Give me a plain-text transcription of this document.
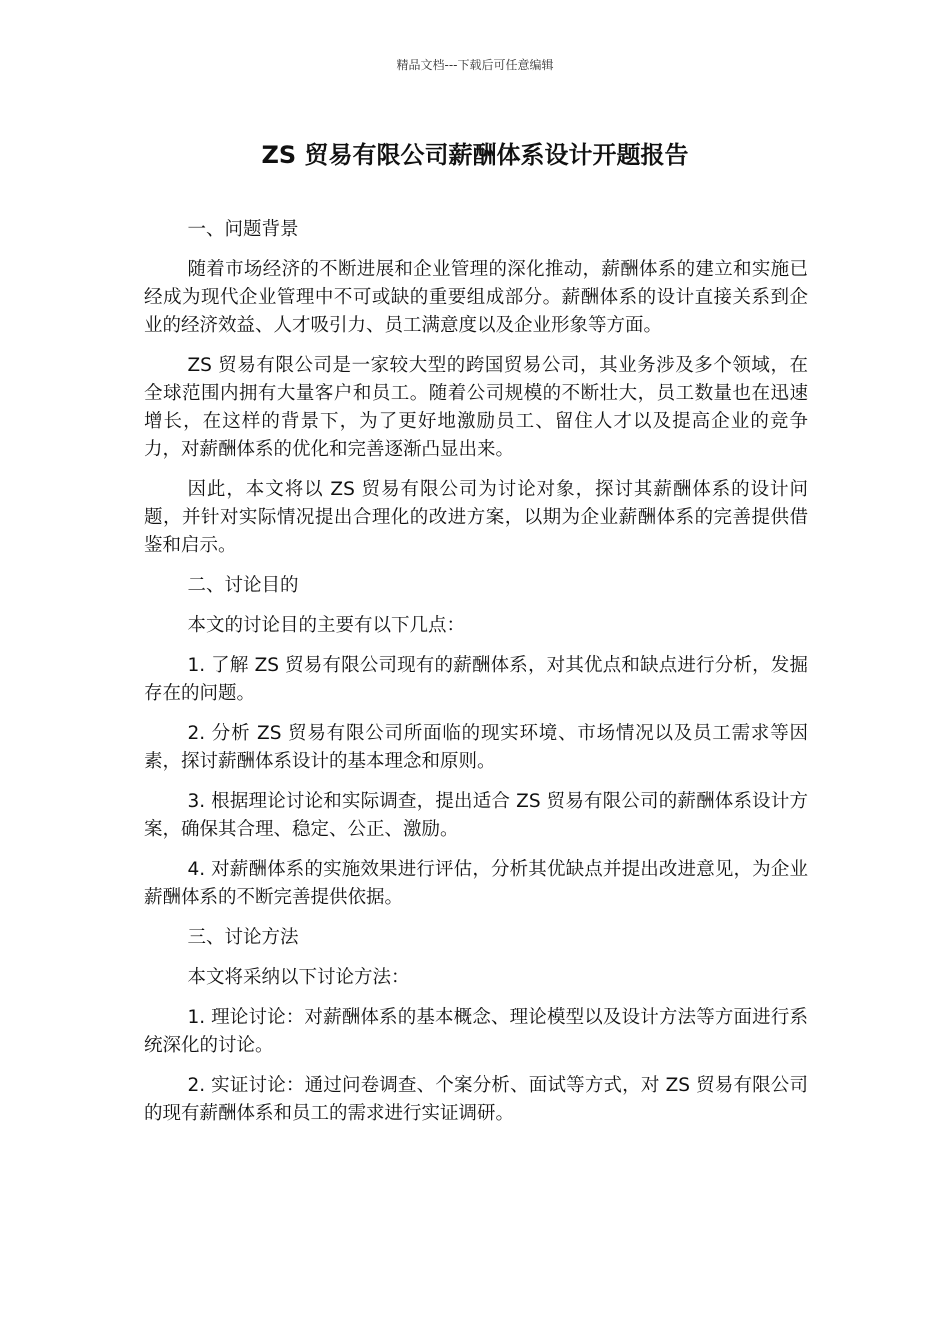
精品文档---下载后可任意编辑
ZS 贸易有限公司薪酬体系设计开题报告

一、问题背景

随着市场经济的不断进展和企业管理的深化推动，薪酬体系的建立和实施已经成为现代企业管理中不可或缺的重要组成部分。薪酬体系的设计直接关系到企业的经济效益、人才吸引力、员工满意度以及企业形象等方面。

ZS 贸易有限公司是一家较大型的跨国贸易公司，其业务涉及多个领域，在全球范围内拥有大量客户和员工。随着公司规模的不断壮大，员工数量也在迅速增长，在这样的背景下，为了更好地激励员工、留住人才以及提高企业的竞争力，对薪酬体系的优化和完善逐渐凸显出来。

因此，本文将以 ZS 贸易有限公司为讨论对象，探讨其薪酬体系的设计问题，并针对实际情况提出合理化的改进方案，以期为企业薪酬体系的完善提供借鉴和启示。

二、讨论目的

本文的讨论目的主要有以下几点：

1. 了解 ZS 贸易有限公司现有的薪酬体系，对其优点和缺点进行分析，发掘存在的问题。

2. 分析 ZS 贸易有限公司所面临的现实环境、市场情况以及员工需求等因素，探讨薪酬体系设计的基本理念和原则。

3. 根据理论讨论和实际调查，提出适合 ZS 贸易有限公司的薪酬体系设计方案，确保其合理、稳定、公正、激励。

4. 对薪酬体系的实施效果进行评估，分析其优缺点并提出改进意见，为企业薪酬体系的不断完善提供依据。

三、讨论方法

本文将采纳以下讨论方法：

1. 理论讨论：对薪酬体系的基本概念、理论模型以及设计方法等方面进行系统深化的讨论。

2. 实证讨论：通过问卷调查、个案分析、面试等方式，对 ZS 贸易有限公司的现有薪酬体系和员工的需求进行实证调研。
